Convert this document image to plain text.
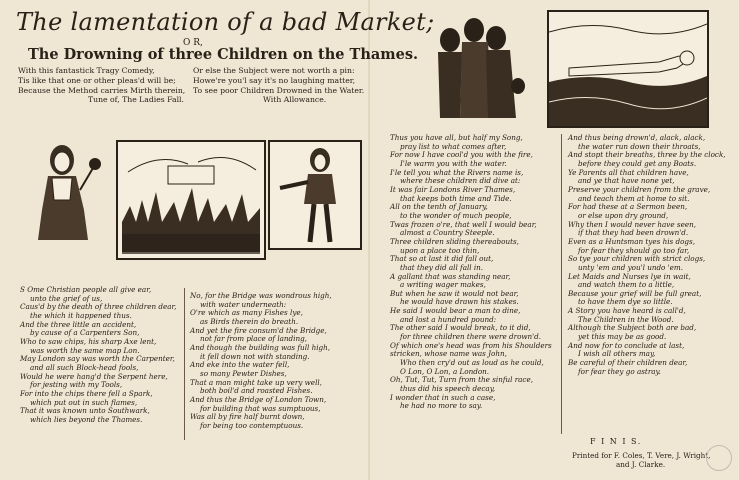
The lamentation of a bad Market;
O R,
The Drowning of three Children on the Thames.
With this fantastick Tragy Comedy,
Tis like that one or other pleas'd will be;
Because the Method carries Mirth therein,
Tune of, The Ladies Fall.
Or else the Subject were not worth a pin:
Howe're you'l say it's no laughing matter,
To see poor Children Drowned in the Water.
With Allowance.
S Ome Christian people all give ear,
unto the grief of us,
Caus'd by the death of three children dear,
the which it happened thus.
And the three little an accident,
by cause of a Carpenters Son,
Who to saw chips, his sharp Axe lent,
was worth the same map Lon.
May London say was worth the Carpenter,
and all such Block-head fools,
Would he were hang'd the Serpent here,
for jesting with my Tools,
For into the chips there fell a Spark,
which put out in such flames,
That it was known unto Southwark,
which lies beyond the Thames.
No, for the Bridge was wondrous high,
with water underneath:
O're which as many Fishes lye,
as Birds therein do breath.
And yet the fire consum'd the Bridge,
not far from place of landing,
And though the building was full high,
it fell down not with standing.
And eke into the water fell,
so many Pewter Dishes,
That a man might take up very well,
both boil'd and roasted Fishes.
And thus the Bridge of London Town,
for building that was sumptuous,
Was all by fire half burnt down,
for being too contemptuous.
Thus you have all, but half my Song,
pray list to what comes after,
For now I have cool'd you with the fire,
I'le warm you with the water.
I'le tell you what the Rivers name is,
where these children did dive at:
It was fair Londons River Thames,
that keeps both time and Tide.
All on the tenth of January,
to the wonder of much people,
Twas frozen o're, that well I would bear,
almost a Country Steeple.
Three children sliding thereabouts,
upon a place too thin,
That so at last it did fall out,
that they did all fall in.
A gallant that was standing near,
a writing wager makes,
But when he saw it would not bear,
he would have drawn his stakes.
He said I would bear a man to dine,
and lost a hundred pound:
The other said I would break, to it did,
for three children there were drown'd.
Of which one's head was from his Shoulders stricken, whose name was John,
Who then cry'd out as loud as he could,
O Lon, O Lon, a London.
Oh, Tut, Tut, Turn from the sinful race,
thus did his speech decay,
I wonder that in such a case,
he had no more to say.
And thus being drown'd, alack, alack,
the water run down their throats,
And stopt their breaths, three by the clock,
before they could get any Boats.
Ye Parents all that children have,
and ye that have none yet,
Preserve your children from the grave,
and teach them at home to sit.
For had these at a Sermon been,
or else upon dry ground,
Why then I would never have seen,
if that they had been drown'd.
Even as a Huntsman tyes his dogs,
for fear they should go too far,
So tye your children with strict clogs,
unty 'em and you'l undo 'em.
Let Maids and Nurses lye in wait,
and watch them to a little,
Because your grief will be full great,
to have them dye so little.
A Story you have heard is call'd,
The Children in the Wood.
Although the Subject both are bad,
yet this may be as good.
And now for to conclude at last,
I wish all others may,
Be careful of their children dear,
for fear they go astray.
F I N I S.
Printed for F. Coles, T. Vere, J. Wright,
and J. Clarke.
